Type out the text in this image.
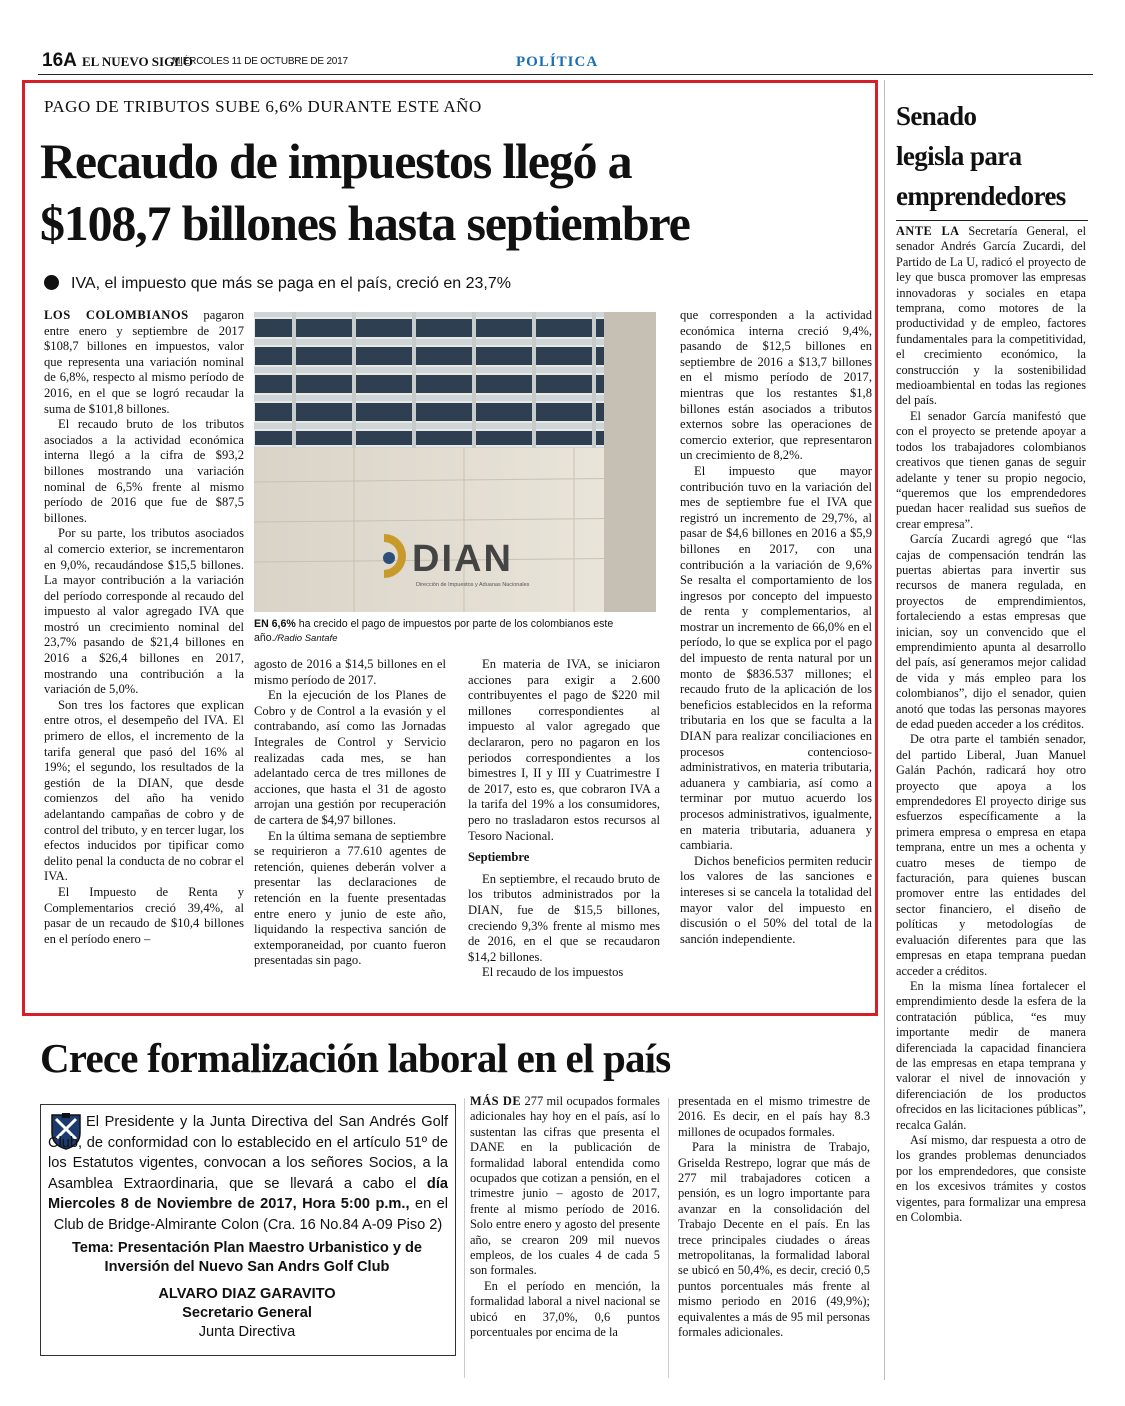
16A EL NUEVO SIGLO
MIÉRCOLES 11 DE OCTUBRE DE 2017	POLÍTICA
PAGO DE TRIBUTOS SUBE 6,6% DURANTE ESTE AÑO
Recaudo de impuestos llegó a
$108,7 billones hasta septiembre
IVA, el impuesto que más se paga en el país, creció en 23,7%

LOS COLOMBIANOS pagaron entre enero y septiembre de 2017 $108,7 billones en impuestos, valor que representa una variación nominal de 6,8%, respecto al mismo período de 2016, en el que se logró recaudar la suma de $101,8 billones.

El recaudo bruto de los tributos asociados a la actividad económica interna llegó a la cifra de $93,2 billones mostrando una variación nominal de 6,5% frente al mismo período de 2016 que fue de $87,5 billones.

Por su parte, los tributos asociados al comercio exterior, se incrementaron en 9,0%, recaudándose $15,5 billones. La mayor contribución a la variación del período corresponde al recaudo del impuesto al valor agregado IVA que mostró un crecimiento nominal del 23,7% pasando de $21,4 billones en 2016 a $26,4 billones en 2017, mostrando una contribución a la variación de 5,0%.

Son tres los factores que explican entre otros, el desempeño del IVA. El primero de ellos, el incremento de la tarifa general que pasó del 16% al 19%; el segundo, los resultados de la gestión de la DIAN, que desde comienzos del año ha venido adelantando campañas de cobro y de control del tributo, y en tercer lugar, los efectos inducidos por tipificar como delito penal la conducta de no cobrar el IVA.

El Impuesto de Renta y Complementarios creció 39,4%, al pasar de un recaudo de $10,4 billones en el período enero –

DIAN
Dirección de Impuestos y Aduanas Nacionales
EN 6,6% ha crecido el pago de impuestos por parte de los colombianos este año./Radio Santafe

agosto de 2016 a $14,5 billones en el mismo período de 2017.

En la ejecución de los Planes de Cobro y de Control a la evasión y el contrabando, así como las Jornadas Integrales de Control y Servicio realizadas cada mes, se han adelantado cerca de tres millones de acciones, que hasta el 31 de agosto arrojan una gestión por recuperación de cartera de $4,97 billones.

En la última semana de septiembre se requirieron a 77.610 agentes de retención, quienes deberán volver a presentar las declaraciones de retención en la fuente presentadas entre enero y junio de este año, liquidando la respectiva sanción de extemporaneidad, por cuanto fueron presentadas sin pago.

En materia de IVA, se iniciaron acciones para exigir a 2.600 contribuyentes el pago de $220 mil millones correspondientes al impuesto al valor agregado que declararon, pero no pagaron en los periodos correspondientes a los bimestres I, II y III y Cuatrimestre I de 2017, esto es, que cobraron IVA a la tarifa del 19% a los consumidores, pero no trasladaron estos recursos al Tesoro Nacional.

Septiembre

En septiembre, el recaudo bruto de los tributos administrados por la DIAN, fue de $15,5 billones, creciendo 9,3% frente al mismo mes de 2016, en el que se recaudaron $14,2 billones.

El recaudo de los impuestos

que corresponden a la actividad económica interna creció 9,4%, pasando de $12,5 billones en septiembre de 2016 a $13,7 billones en el mismo período de 2017, mientras que los restantes $1,8 billones están asociados a tributos externos sobre las operaciones de comercio exterior, que representaron un crecimiento de 8,2%.

El impuesto que mayor contribución tuvo en la variación del mes de septiembre fue el IVA que registró un incremento de 29,7%, al pasar de $4,6 billones en 2016 a $5,9 billones en 2017, con una contribución a la variación de 9,6% Se resalta el comportamiento de los ingresos por concepto del impuesto de renta y complementarios, al mostrar un incremento de 66,0% en el período, lo que se explica por el pago del impuesto de renta natural por un monto de $836.537 millones; el recaudo fruto de la aplicación de los beneficios establecidos en la reforma tributaria en los que se faculta a la DIAN para realizar conciliaciones en procesos contencioso-administrativos, en materia tributaria, aduanera y cambiaria, así como a terminar por mutuo acuerdo los procesos administrativos, igualmente, en materia tributaria, aduanera y cambiaria.

Dichos beneficios permiten reducir los valores de las sanciones e intereses si se cancela la totalidad del mayor valor del impuesto en discusión o el 50% del total de la sanción independiente.

Senado
legisla para
emprendedores

ANTE LA Secretaría General, el senador Andrés García Zucardi, del Partido de La U, radicó el proyecto de ley que busca promover las empresas innovadoras y sociales en etapa temprana, como motores de la productividad y de empleo, factores fundamentales para la competitividad, el crecimiento económico, la construcción y la sostenibilidad medioambiental en todas las regiones del país.

El senador García manifestó que con el proyecto se pretende apoyar a todos los trabajadores colombianos creativos que tienen ganas de seguir adelante y tener su propio negocio, “queremos que los emprendedores puedan hacer realidad sus sueños de crear empresa”.

García Zucardi agregó que “las cajas de compensación tendrán las puertas abiertas para invertir sus recursos de manera regulada, en proyectos de emprendimientos, fortaleciendo a estas empresas que inician, soy un convencido que el emprendimiento apunta al desarrollo del país, así generamos mejor calidad de vida y más empleo para los colombianos”, dijo el senador, quien anotó que todas las personas mayores de edad pueden acceder a los créditos.

De otra parte el también senador, del partido Liberal, Juan Manuel Galán Pachón, radicará hoy otro proyecto que apoya a los emprendedores El proyecto dirige sus esfuerzos específicamente a la primera empresa o empresa en etapa temprana, entre un mes a ochenta y cuatro meses de tiempo de facturación, para quienes buscan promover entre las entidades del sector financiero, el diseño de políticas y metodologías de evaluación diferentes para que las empresas en etapa temprana puedan acceder a créditos.

En la misma línea fortalecer el emprendimiento desde la esfera de la contratación pública, “es muy importante medir de manera diferenciada la capacidad financiera de las empresas en etapa temprana y valorar el nivel de innovación y diferenciación de los productos ofrecidos en las licitaciones públicas”, recalca Galán.

Así mismo, dar respuesta a otro de los grandes problemas denunciados por los emprendedores, que consiste en los excesivos trámites y costos vigentes, para formalizar una empresa en Colombia.

Crece formalización laboral en el país
El Presidente y la Junta Directiva del San Andrés Golf Club, de conformidad con lo establecido en el artículo 51º de los Estatutos vigentes, convocan a los señores Socios, a la Asamblea Extraordinaria, que se llevará a cabo el día Miercoles 8 de Noviembre de 2017, Hora 5:00 p.m., en el Club de Bridge-Almirante Colon (Cra. 16 No.84 A-09 Piso 2)
Tema: Presentación Plan Maestro Urbanistico y de Inversión del Nuevo San Andrs Golf Club
ALVARO DIAZ GARAVITO
Secretario General
Junta Directiva

MÁS DE 277 mil ocupados formales adicionales hay hoy en el país, así lo sustentan las cifras que presenta el DANE en la publicación de formalidad laboral entendida como ocupados que cotizan a pensión, en el trimestre junio – agosto de 2017, frente al mismo período de 2016. Solo entre enero y agosto del presente año, se crearon 209 mil nuevos empleos, de los cuales 4 de cada 5 son formales.

En el período en mención, la formalidad laboral a nivel nacional se ubicó en 37,0%, 0,6 puntos porcentuales por encima de la

presentada en el mismo trimestre de 2016. Es decir, en el país hay 8.3 millones de ocupados formales.

Para la ministra de Trabajo, Griselda Restrepo, lograr que más de 277 mil trabajadores coticen a pensión, es un logro importante para avanzar en la consolidación del Trabajo Decente en el país. En las trece principales ciudades o áreas metropolitanas, la formalidad laboral se ubicó en 50,4%, es decir, creció 0,5 puntos porcentuales más frente al mismo periodo en 2016 (49,9%); equivalentes a más de 95 mil personas formales adicionales.
